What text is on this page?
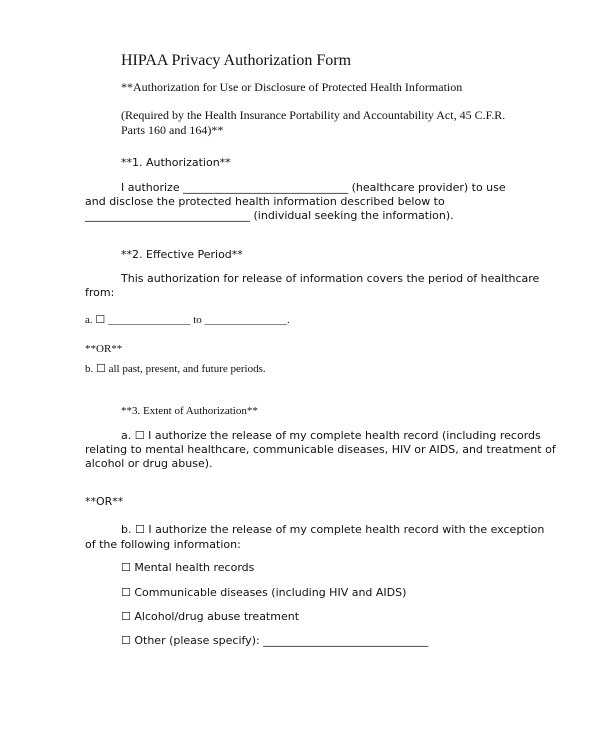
HIPAA Privacy Authorization Form
**Authorization for Use or Disclosure of Protected Health Information
(Required by the Health Insurance Portability and Accountability Act, 45 C.F.R.
Parts 160 and 164)**
**1. Authorization**
I authorize ______________________________ (healthcare provider) to use
and disclose the protected health information described below to
______________________________ (individual seeking the information).
**2. Effective Period**
This authorization for release of information covers the period of healthcare
from:
a. ☐ _______________ to _______________.
**OR**
b. ☐ all past, present, and future periods.
**3. Extent of Authorization**
a. ☐ I authorize the release of my complete health record (including records
relating to mental healthcare, communicable diseases, HIV or AIDS, and treatment of
alcohol or drug abuse).
**OR**
b. ☐ I authorize the release of my complete health record with the exception
of the following information:
☐ Mental health records
☐ Communicable diseases (including HIV and AIDS)
☐ Alcohol/drug abuse treatment
☐ Other (please specify): ______________________________
